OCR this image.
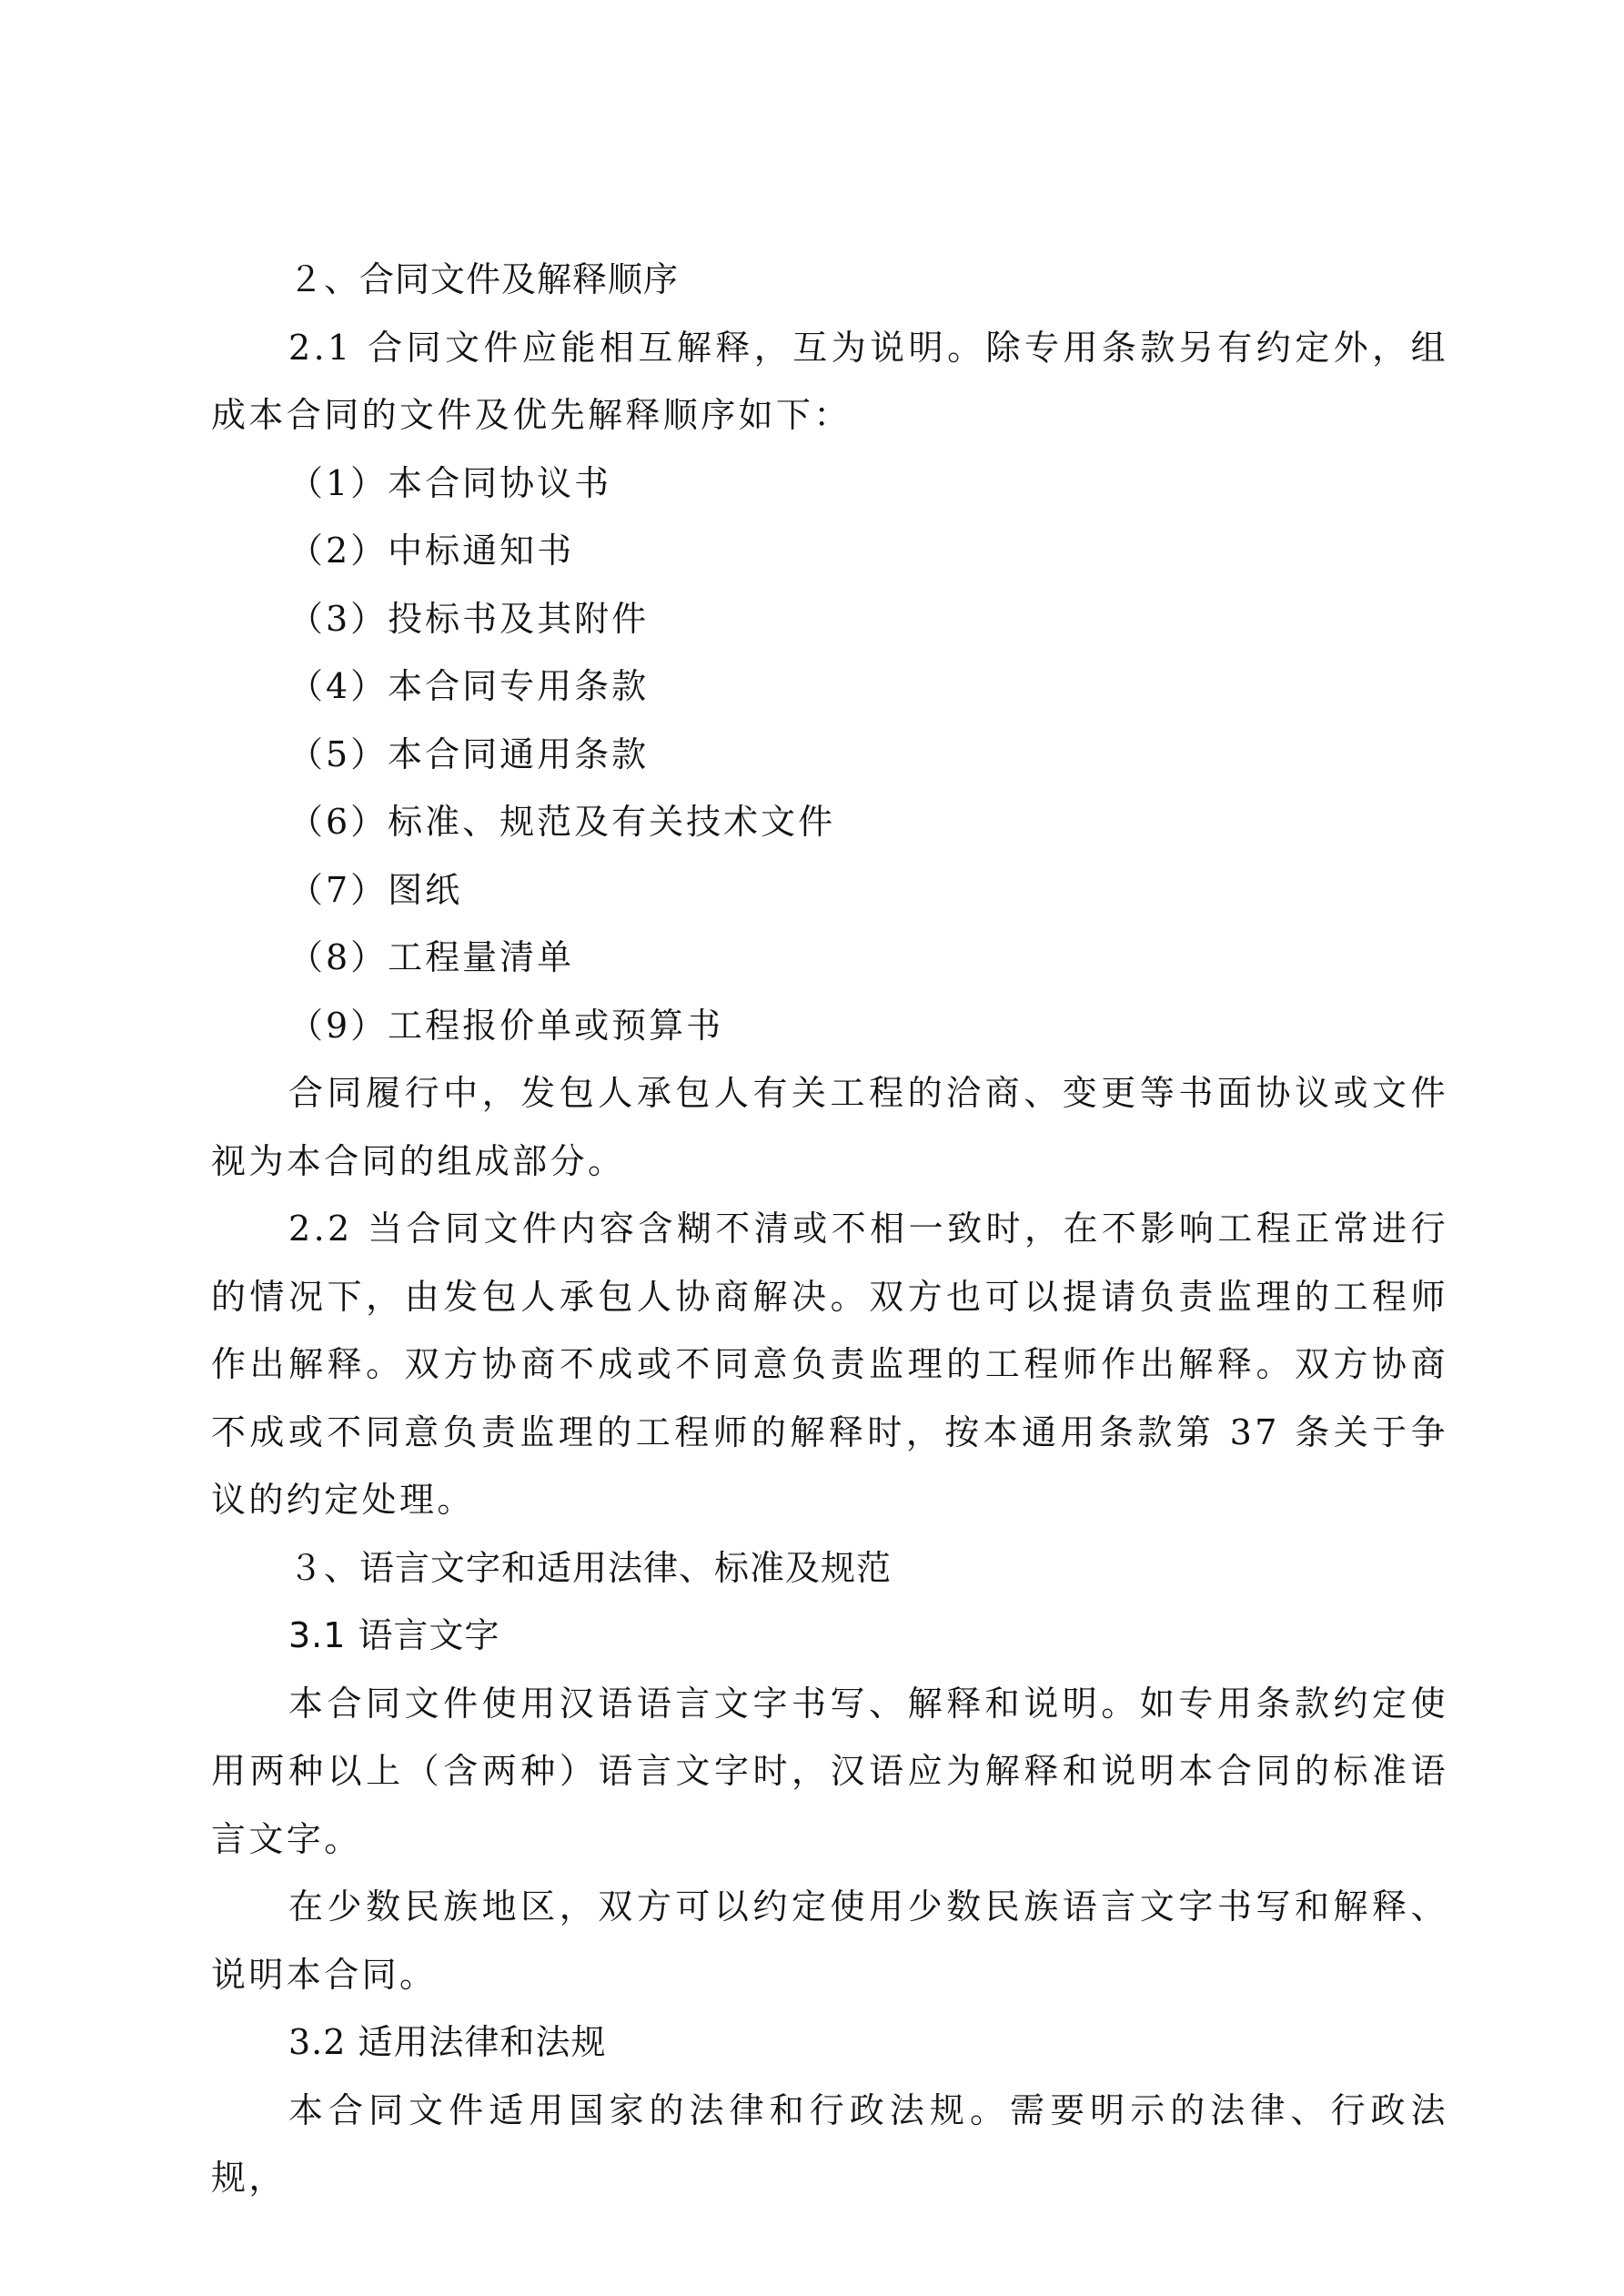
２、合同文件及解释顺序
2.1 合同文件应能相互解释，互为说明。除专用条款另有约定外，组成本合同的文件及优先解释顺序如下：
（1）本合同协议书
（2）中标通知书
（3）投标书及其附件
（4）本合同专用条款
（5）本合同通用条款
（6）标准、规范及有关技术文件
（7）图纸
（8）工程量清单
（9）工程报价单或预算书
合同履行中，发包人承包人有关工程的洽商、变更等书面协议或文件视为本合同的组成部分。
2.2 当合同文件内容含糊不清或不相一致时，在不影响工程正常进行的情况下，由发包人承包人协商解决。双方也可以提请负责监理的工程师作出解释。双方协商不成或不同意负责监理的工程师作出解释。双方协商不成或不同意负责监理的工程师的解释时，按本通用条款第 37 条关于争议的约定处理。
３、语言文字和适用法律、标准及规范
3.1 语言文字
本合同文件使用汉语语言文字书写、解释和说明。如专用条款约定使用两种以上（含两种）语言文字时，汉语应为解释和说明本合同的标准语言文字。
在少数民族地区，双方可以约定使用少数民族语言文字书写和解释、说明本合同。
3.2 适用法律和法规
本合同文件适用国家的法律和行政法规。需要明示的法律、行政法规，
